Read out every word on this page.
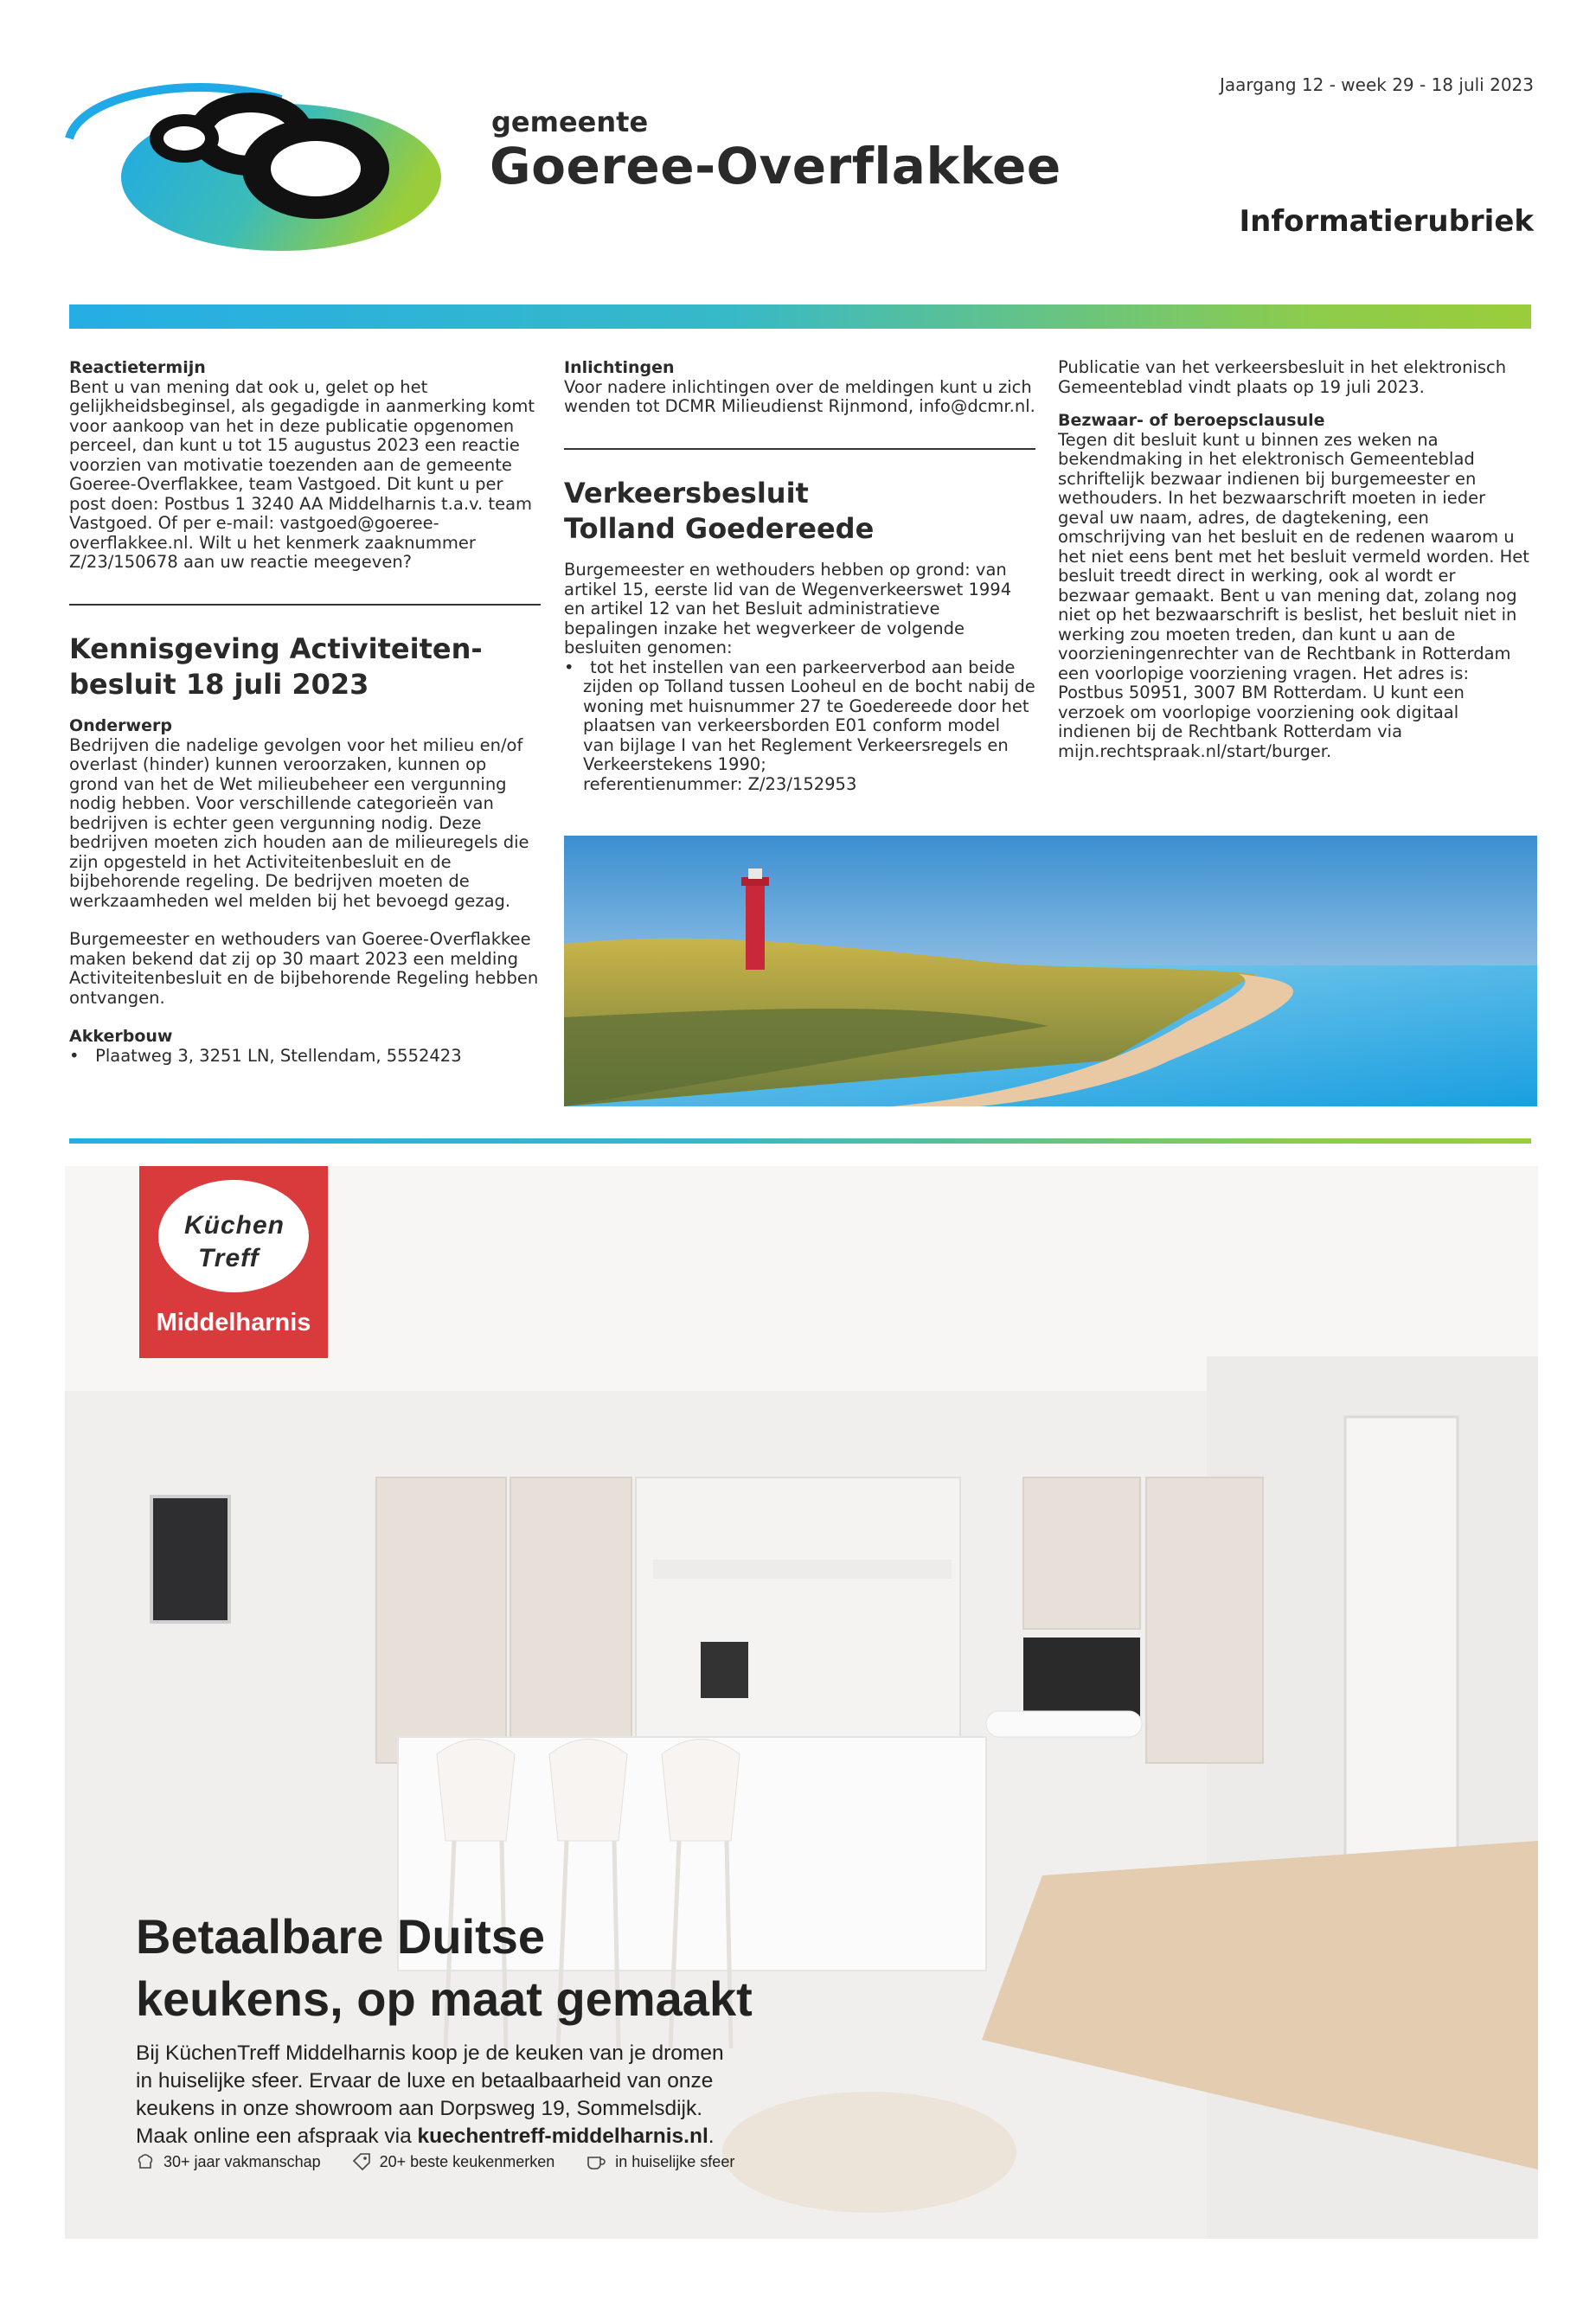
gemeente
Goeree-Overflakkee
Jaargang 12 - week 29 - 18 juli 2023
Informatierubriek

Reactietermijn

Bent u van mening dat ook u, gelet op het gelijkheidsbeginsel, als gegadigde in aanmerking komt voor aankoop van het in deze publicatie opgenomen perceel, dan kunt u tot 15 augustus 2023 een reactie voorzien van motivatie toezenden aan de gemeente Goeree-Overflakkee, team Vastgoed. Dit kunt u per post doen: Postbus 1 3240 AA Middelharnis t.a.v. team Vastgoed. Of per e-mail: vastgoed@goeree-overflakkee.nl. Wilt u het kenmerk zaaknummer Z/23/150678 aan uw reactie meegeven?

Kennisgeving Activiteiten-

besluit 18 juli 2023

Onderwerp

Bedrijven die nadelige gevolgen voor het milieu en/of overlast (hinder) kunnen veroorzaken, kunnen op grond van het de Wet milieubeheer een vergunning nodig hebben. Voor verschillende categorieën van bedrijven is echter geen vergunning nodig. Deze bedrijven moeten zich houden aan de milieuregels die zijn opgesteld in het Activiteitenbesluit en de bijbehorende regeling. De bedrijven moeten de werkzaamheden wel melden bij het bevoegd gezag.

Burgemeester en wethouders van Goeree-Overflakkee maken bekend dat zij op 30 maart 2023 een melding Activiteitenbesluit en de bijbehorende Regeling hebben ontvangen.

Akkerbouw

•   Plaatweg 3, 3251 LN, Stellendam, 5552423

Inlichtingen

Voor nadere inlichtingen over de meldingen kunt u zich wenden tot DCMR Milieudienst Rijnmond, info@dcmr.nl.

Verkeersbesluit

Tolland Goedereede

Burgemeester en wethouders hebben op grond: van artikel 15, eerste lid van de Wegenverkeerswet 1994 en artikel 12 van het Besluit administratieve bepalingen inzake het wegverkeer de volgende besluiten genomen:

•   tot het instellen van een parkeerverbod aan beide zijden op Tolland tussen Looheul en de bocht nabij de woning met huisnummer 27 te Goedereede door het plaatsen van verkeersborden E01 conform model van bijlage I van het Reglement Verkeersregels en Verkeerstekens 1990;

referentienummer: Z/23/152953

Publicatie van het verkeersbesluit in het elektronisch Gemeenteblad vindt plaats op 19 juli 2023.

Bezwaar- of beroepsclausule

Tegen dit besluit kunt u binnen zes weken na bekendmaking in het elektronisch Gemeenteblad schriftelijk bezwaar indienen bij burgemeester en wethouders. In het bezwaarschrift moeten in ieder geval uw naam, adres, de dagtekening, een omschrijving van het besluit en de redenen waarom u het niet eens bent met het besluit vermeld worden. Het besluit treedt direct in werking, ook al wordt er bezwaar gemaakt. Bent u van mening dat, zolang nog niet op het bezwaarschrift is beslist, het besluit niet in werking zou moeten treden, dan kunt u aan de voorzieningenrechter van de Rechtbank in Rotterdam een voorlopige voorziening vragen. Het adres is: Postbus 50951, 3007 BM Rotterdam. U kunt een verzoek om voorlopige voorziening ook digitaal indienen bij de Rechtbank Rotterdam via mijn.rechtspraak.nl/start/burger.

Küchen
Treff
Middelharnis
Betaalbare Duitse
keukens, op maat gemaakt
Bij KüchenTreff Middelharnis koop je de keuken van je dromen
in huiselijke sfeer. Ervaar de luxe en betaalbaarheid van onze
keukens in onze showroom aan Dorpsweg 19, Sommelsdijk.
Maak online een afspraak via kuechentreff-middelharnis.nl.
30+ jaar vakmanschap	20+ beste keukenmerken	in huiselijke sfeer
